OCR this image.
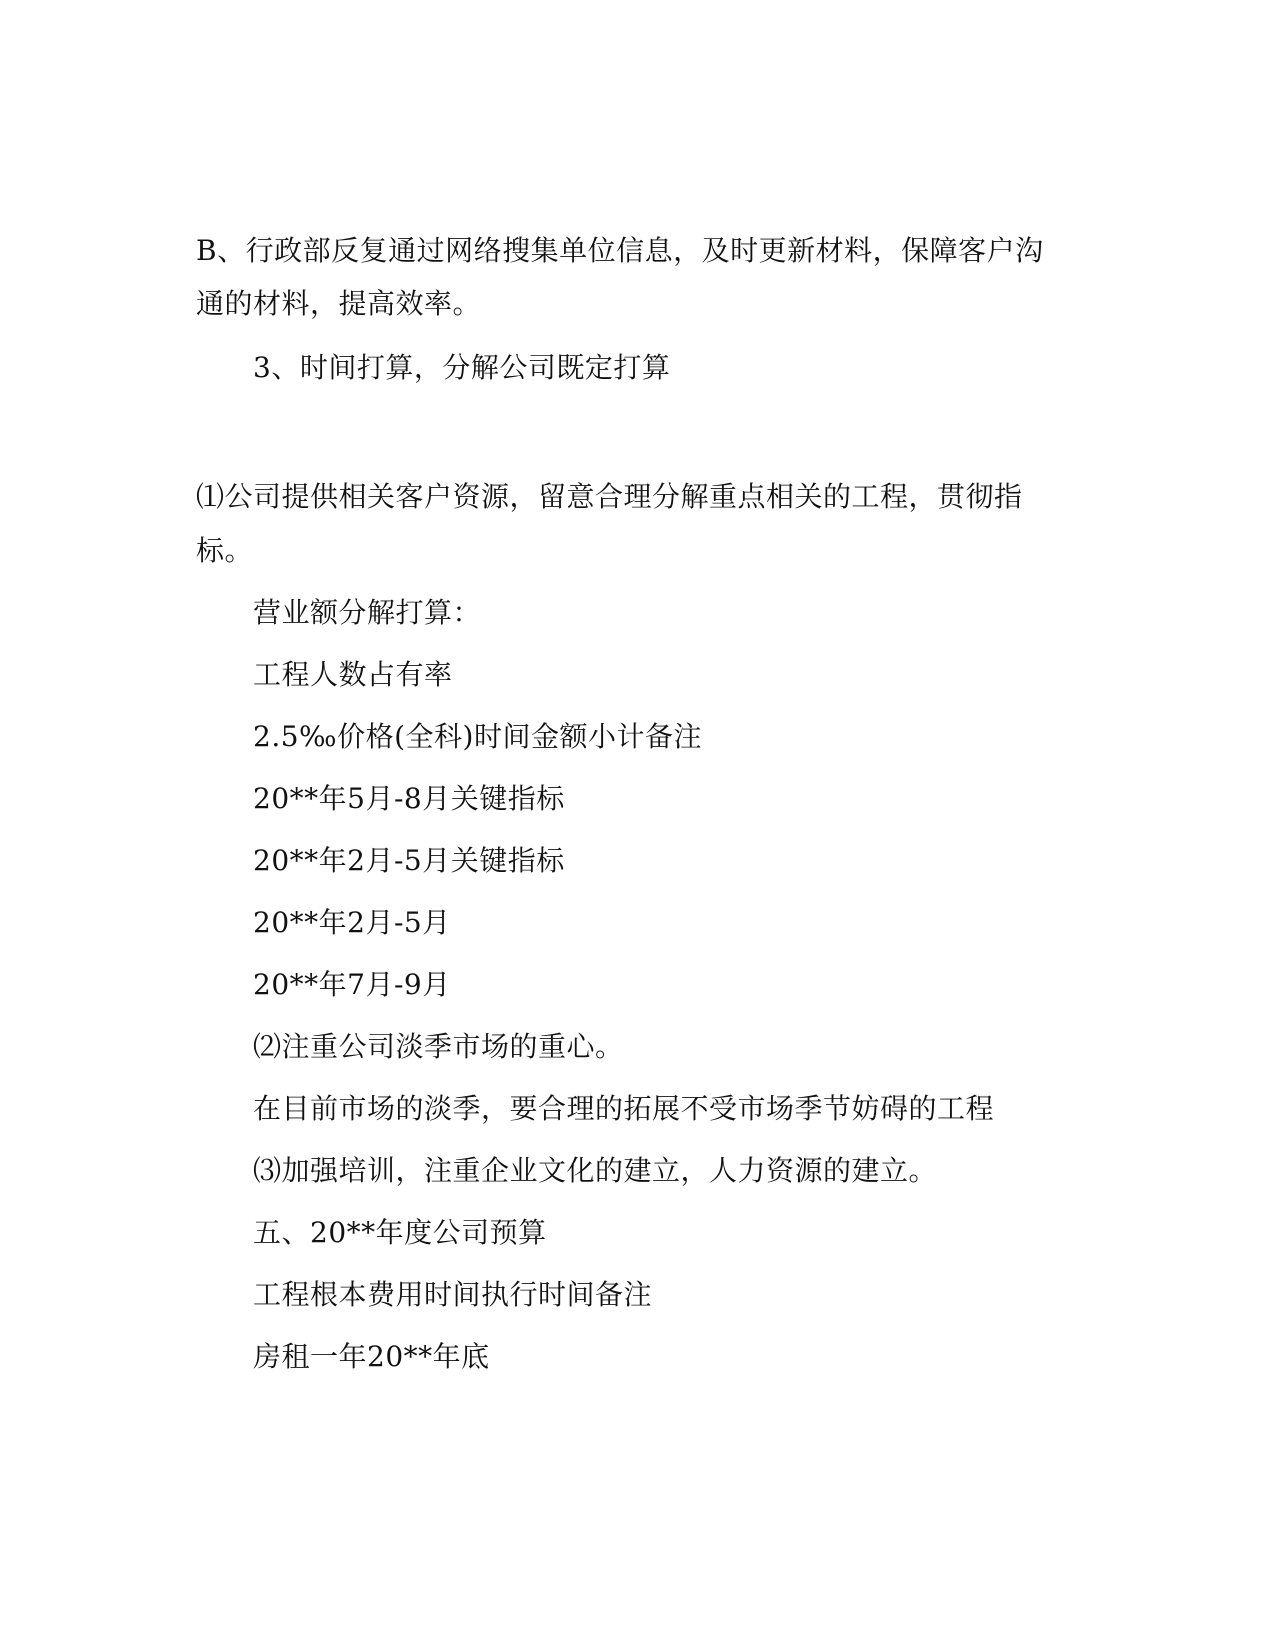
B、行政部反复通过网络搜集单位信息，及时更新材料，保障客户沟
通的材料，提高效率。
3、时间打算，分解公司既定打算
⑴公司提供相关客户资源，留意合理分解重点相关的工程，贯彻指
标。
营业额分解打算：
工程人数占有率
2.5‰价格(全科)时间金额小计备注
20**年5月-8月关键指标
20**年2月-5月关键指标
20**年2月-5月
20**年7月-9月
⑵注重公司淡季市场的重心。
在目前市场的淡季，要合理的拓展不受市场季节妨碍的工程
⑶加强培训，注重企业文化的建立，人力资源的建立。
五、20**年度公司预算
工程根本费用时间执行时间备注
房租一年20**年底
